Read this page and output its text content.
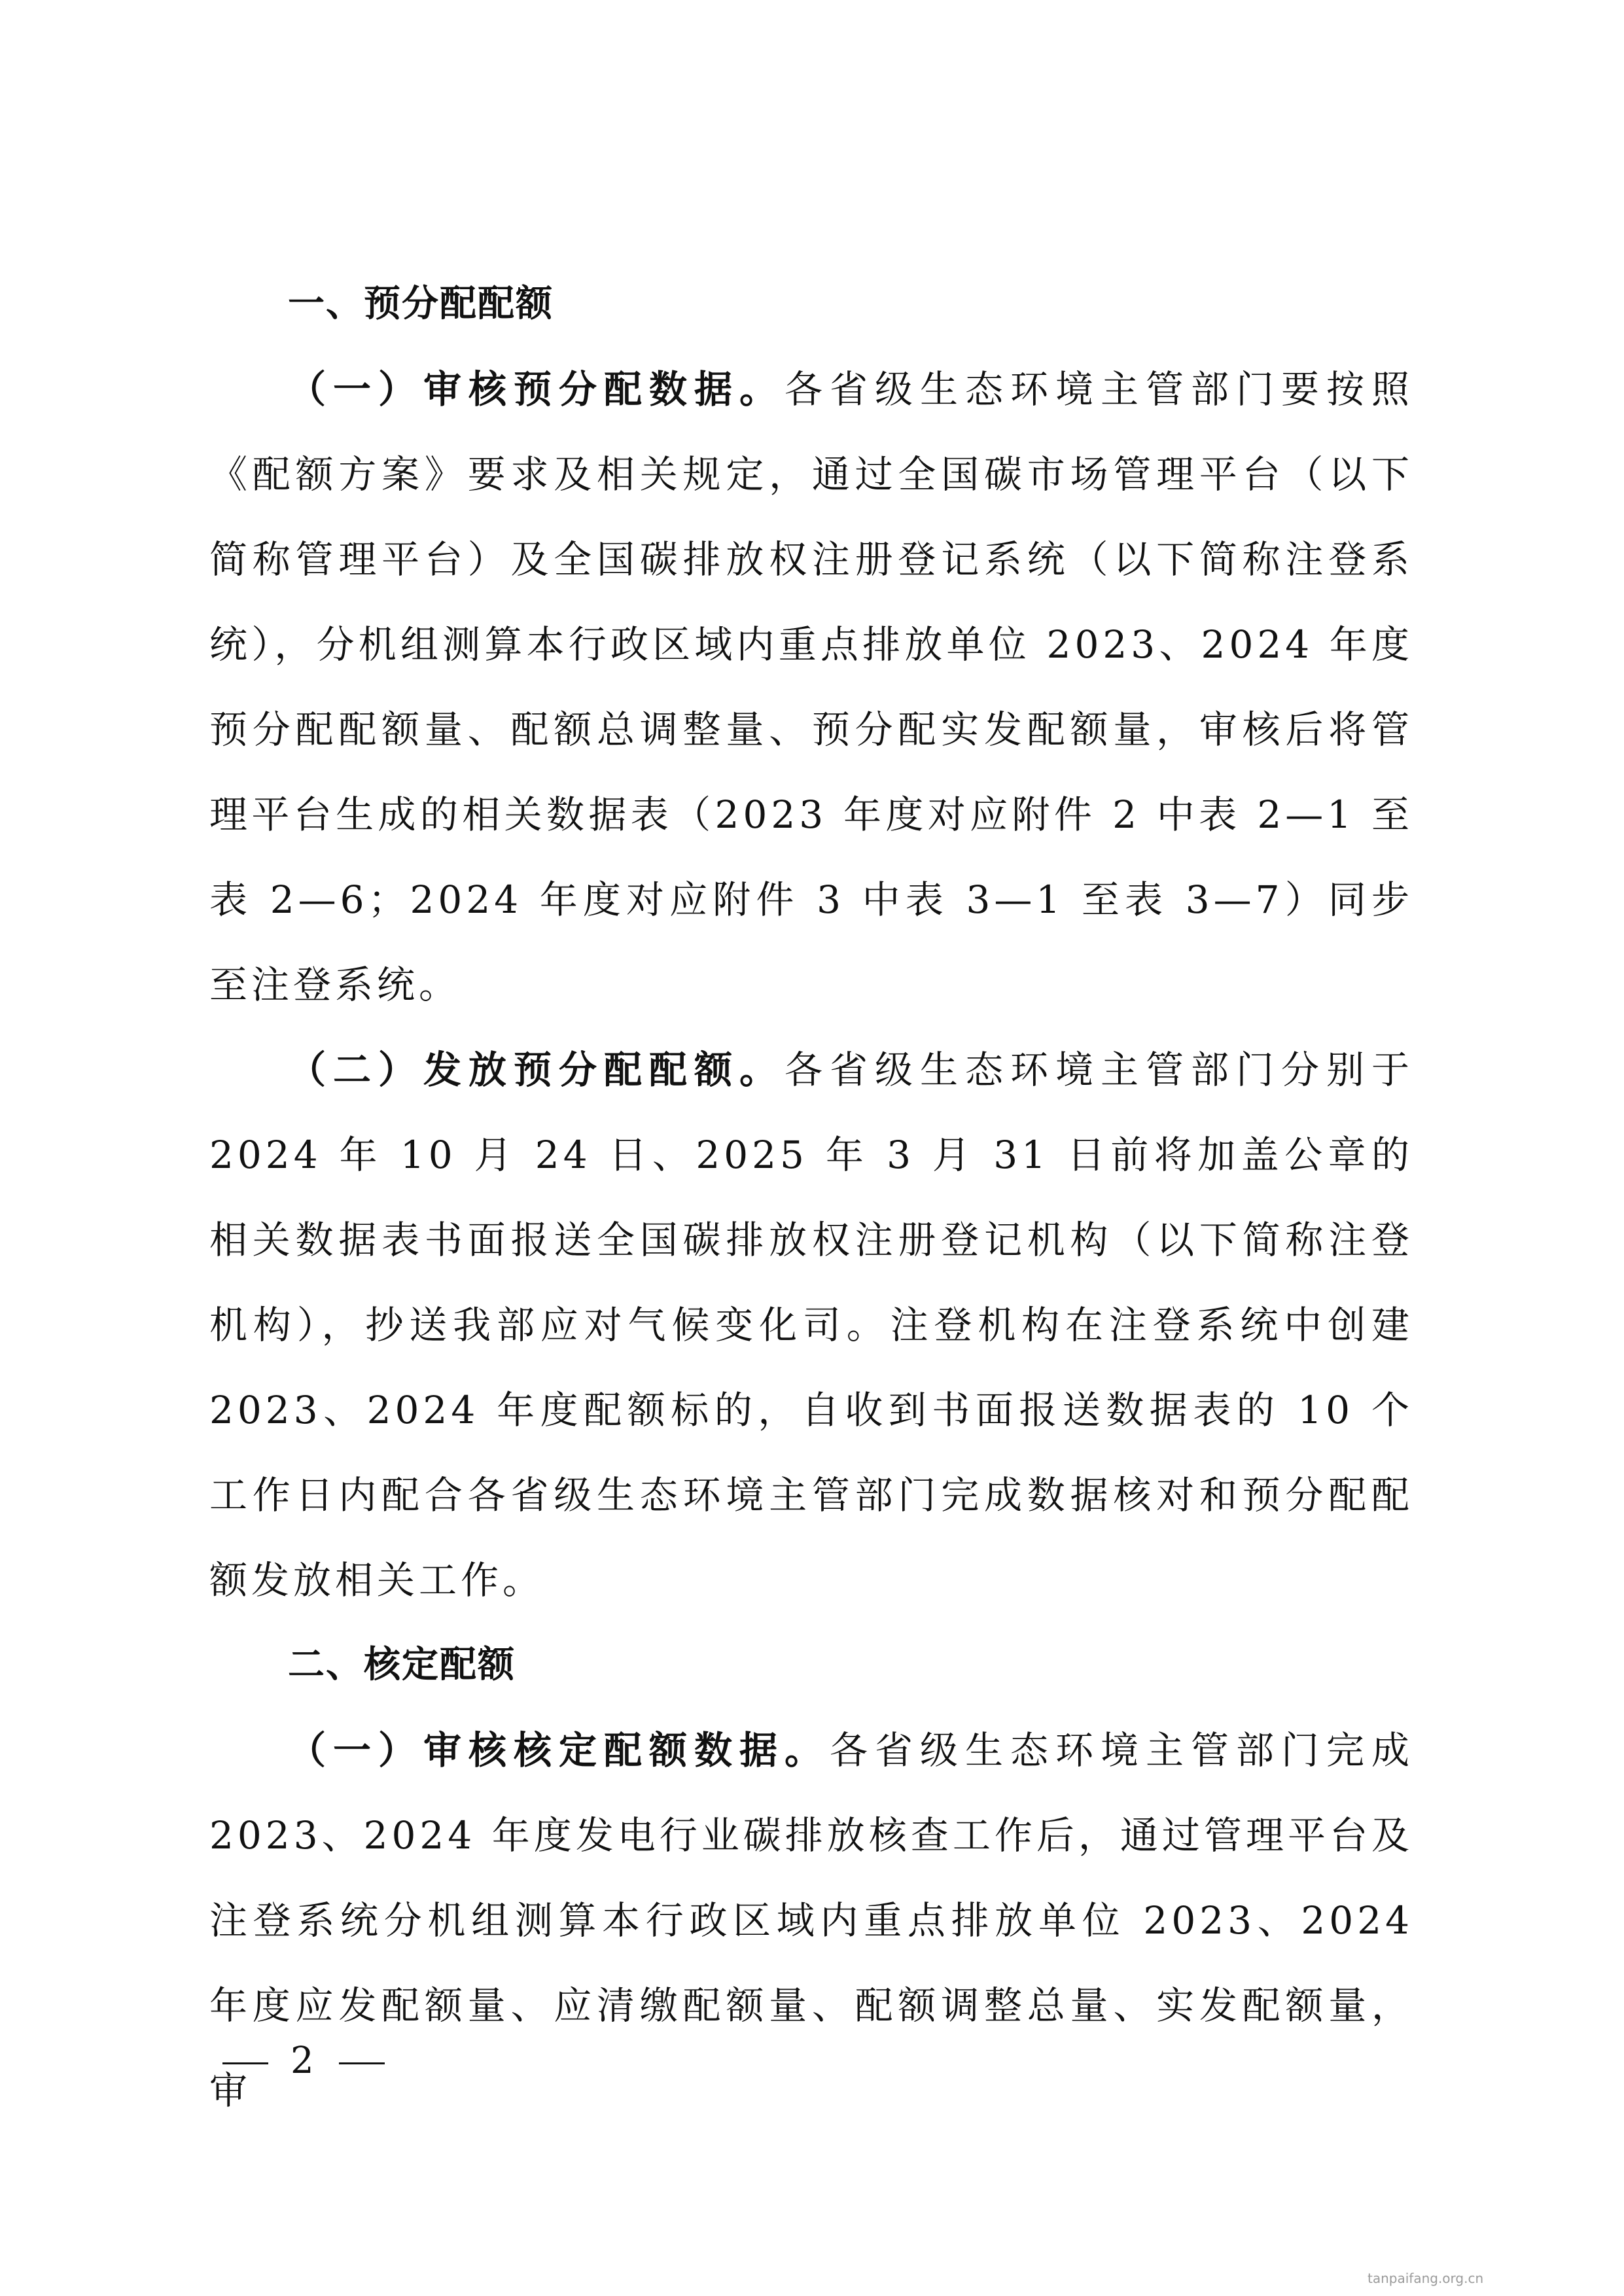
一、预分配配额

（一）审核预分配数据。各省级生态环境主管部门要按照《配额方案》要求及相关规定，通过全国碳市场管理平台（以下简称管理平台）及全国碳排放权注册登记系统（以下简称注登系统），分机组测算本行政区域内重点排放单位 2023、2024 年度预分配配额量、配额总调整量、预分配实发配额量，审核后将管理平台生成的相关数据表（2023 年度对应附件 2 中表 2—1 至表 2—6；2024 年度对应附件 3 中表 3—1 至表 3—7）同步至注登系统。

（二）发放预分配配额。各省级生态环境主管部门分别于 2024 年 10 月 24 日、2025 年 3 月 31 日前将加盖公章的相关数据表书面报送全国碳排放权注册登记机构（以下简称注登机构），抄送我部应对气候变化司。注登机构在注登系统中创建 2023、2024 年度配额标的，自收到书面报送数据表的 10 个工作日内配合各省级生态环境主管部门完成数据核对和预分配配额发放相关工作。

二、核定配额

（一）审核核定配额数据。各省级生态环境主管部门完成 2023、2024 年度发电行业碳排放核查工作后，通过管理平台及注登系统分机组测算本行政区域内重点排放单位 2023、2024 年度应发配额量、应清缴配额量、配额调整总量、实发配额量，审

2
tanpaifang.org.cn
